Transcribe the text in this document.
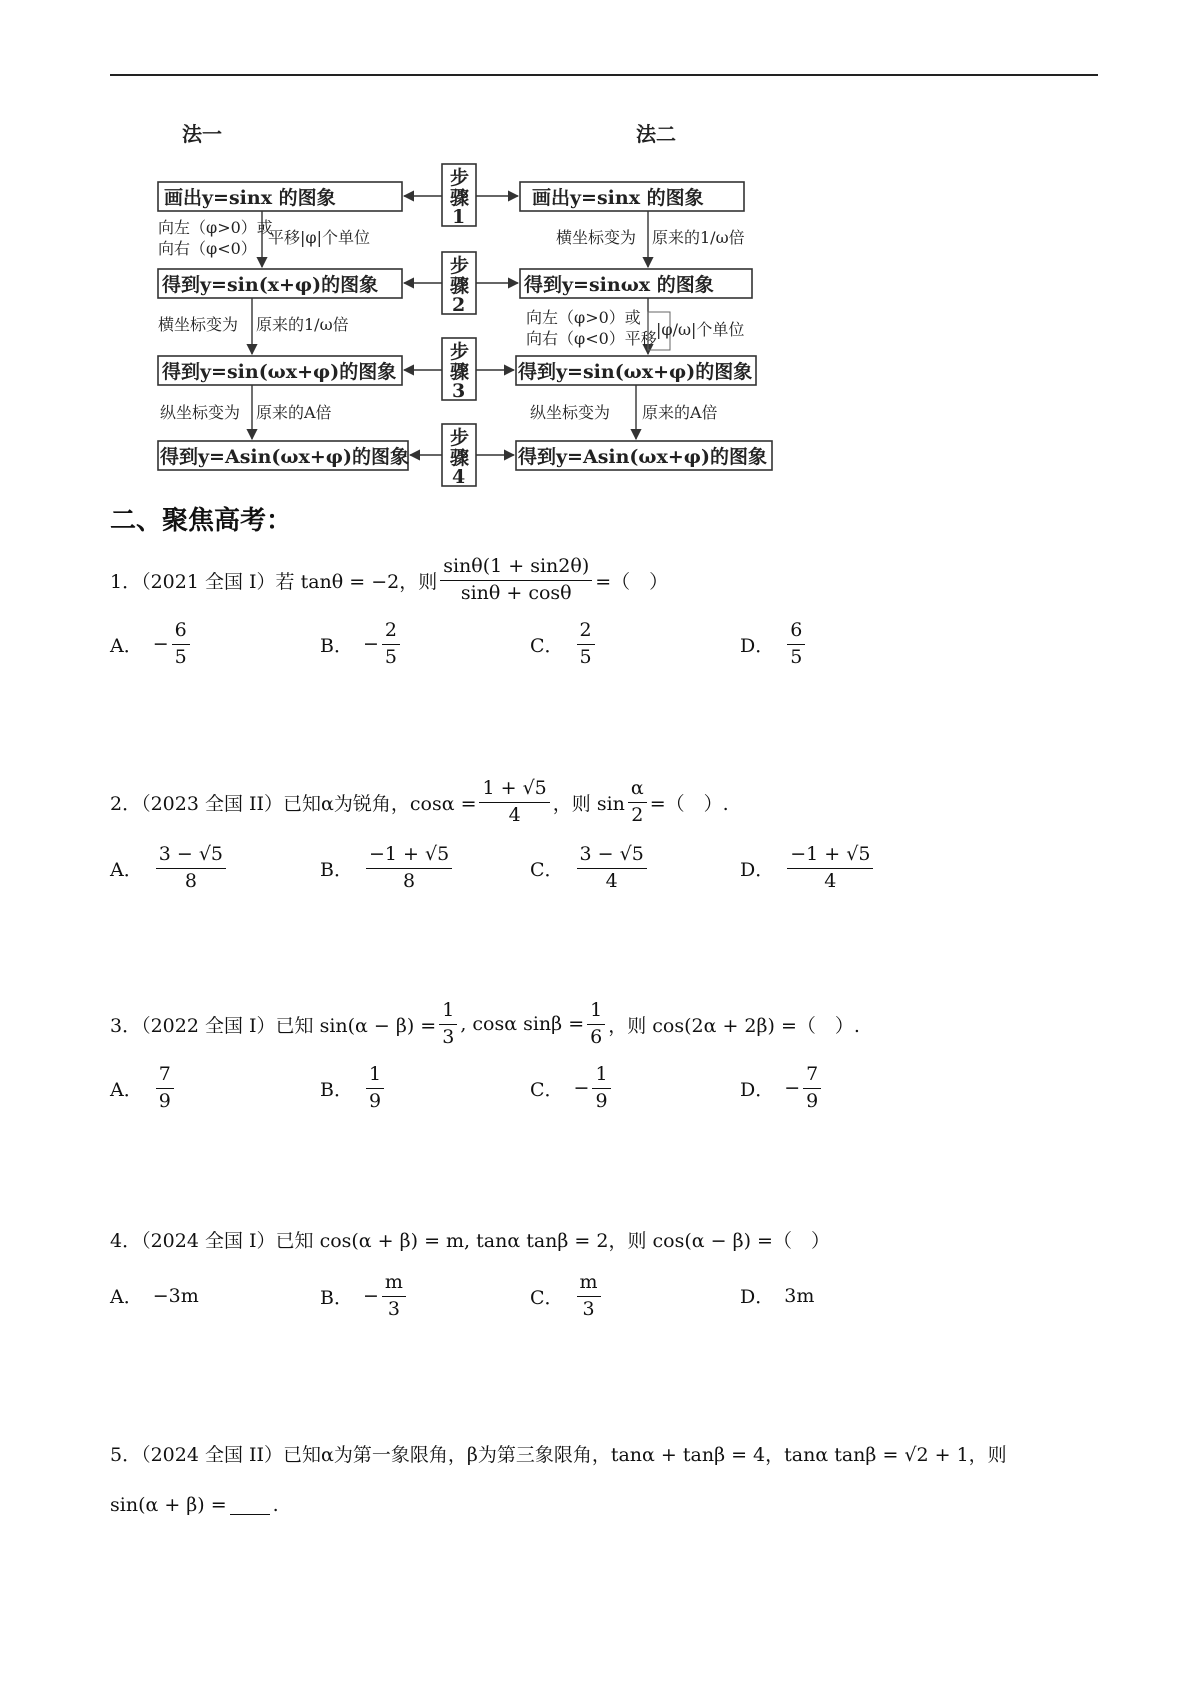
法一	法二
画出y=sinx 的图象
得到y=sin(x+φ)的图象
得到y=sin(ωx+φ)的图象
得到y=Asin(ωx+φ)的图象
画出y=sinx 的图象
得到y=sinωx 的图象
得到y=sin(ωx+φ)的图象
得到y=Asin(ωx+φ)的图象
步
骤
1
步
骤
2
步
骤
3
步
骤
4
向左（φ>0）或
向右（φ<0）
平移|φ|个单位
横坐标变为 原来的1/ω倍
纵坐标变为 原来的A倍
横坐标变为 原来的1/ω倍
向左（φ>0）或
向右（φ<0）平移 |φ/ω|个单位
纵坐标变为 原来的A倍
二、聚焦高考：
1．（2021 全国 I）若 tanθ = −2，则 $\frac{\sin\theta(1 + \sin 2\theta)}{\sin\theta + \cos\theta}$ =（　）
A． − $\frac{6}{5}$	B． − $\frac{2}{5}$	C． $\frac{2}{5}$	D． $\frac{6}{5}$
2．（2023 全国 II）已知α为锐角，$\cos\alpha = \frac{1 + √5}{4}$ ，则 $\sin \frac{\alpha}{2}$ =（　）.
A． $\frac{3 - √5}{8}$	B． $\frac{-1 + √5}{8}$	C． $\frac{3 - √5}{4}$	D． $\frac{-1 + √5}{4}$
3．（2022 全国 I）已知 $\sin(\alpha - \beta) = \frac{1}{3}$ , cosα $\sin\beta = \frac{1}{6}$ ，则 cos(2α + 2β) =（　）.
A． $\frac{7}{9}$	B． $\frac{1}{9}$	C． − $\frac{1}{9}$	D． − $\frac{7}{9}$
4．（2024 全国 I）已知 cos(α + β) = m, tanα tanβ = 2，则 cos(α − β) =（　）
A． −3m	B． − $\frac{m}{3}$	C． $\frac{m}{3}$	D． 3m
5．（2024 全国 II）已知α为第一象限角，β为第三象限角，tanα + tanβ = 4，tanα tanβ = √2 + 1，则
sin(α + β) = .
